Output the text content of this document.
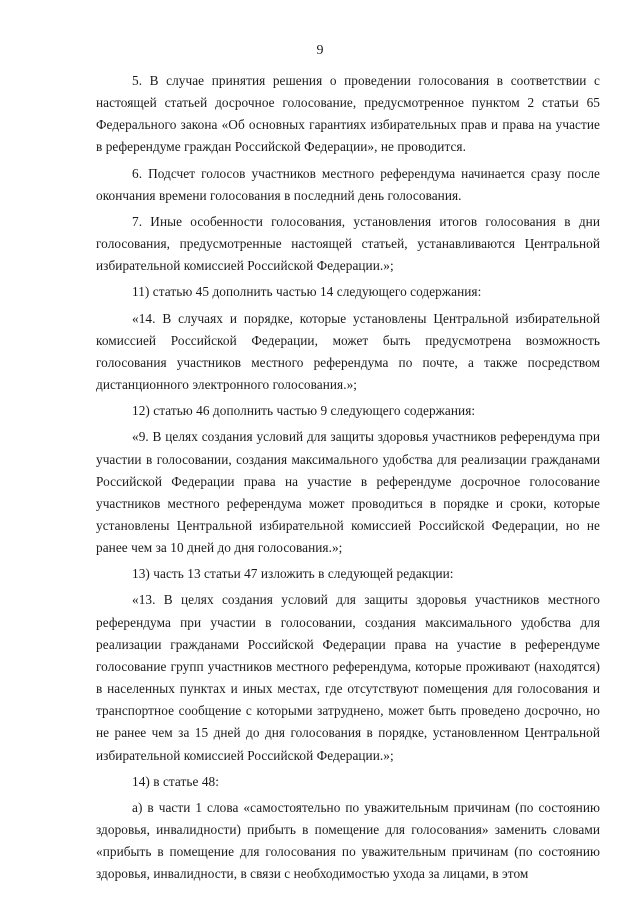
9

5. В случае принятия решения о проведении голосования в соответствии с настоящей статьей досрочное голосование, предусмотренное пунктом 2 статьи 65 Федерального закона «Об основных гарантиях избирательных прав и права на участие в референдуме граждан Российской Федерации», не проводится.

6. Подсчет голосов участников местного референдума начинается сразу после окончания времени голосования в последний день голосования.

7. Иные особенности голосования, установления итогов голосования в дни голосования, предусмотренные настоящей статьей, устанавливаются Центральной избирательной комиссией Российской Федерации.»;

11) статью 45 дополнить частью 14 следующего содержания:

«14. В случаях и порядке, которые установлены Центральной избирательной комиссией Российской Федерации, может быть предусмотрена возможность голосования участников местного референдума по почте, а также посредством дистанционного электронного голосования.»;

12) статью 46 дополнить частью 9 следующего содержания:

«9. В целях создания условий для защиты здоровья участников референдума при участии в голосовании, создания максимального удобства для реализации гражданами Российской Федерации права на участие в референдуме досрочное голосование участников местного референдума может проводиться в порядке и сроки, которые установлены Центральной избирательной комиссией Российской Федерации, но не ранее чем за 10 дней до дня голосования.»;

13) часть 13 статьи 47 изложить в следующей редакции:

«13. В целях создания условий для защиты здоровья участников местного референдума при участии в голосовании, создания максимального удобства для реализации гражданами Российской Федерации права на участие в референдуме голосование групп участников местного референдума, которые проживают (находятся) в населенных пунктах и иных местах, где отсутствуют помещения для голосования и транспортное сообщение с которыми затруднено, может быть проведено досрочно, но не ранее чем за 15 дней до дня голосования в порядке, установленном Центральной избирательной комиссией Российской Федерации.»;

14) в статье 48:

а) в части 1 слова «самостоятельно по уважительным причинам (по состоянию здоровья, инвалидности) прибыть в помещение для голосования» заменить словами «прибыть в помещение для голосования по уважительным причинам (по состоянию здоровья, инвалидности, в связи с необходимостью ухода за лицами, в этом
